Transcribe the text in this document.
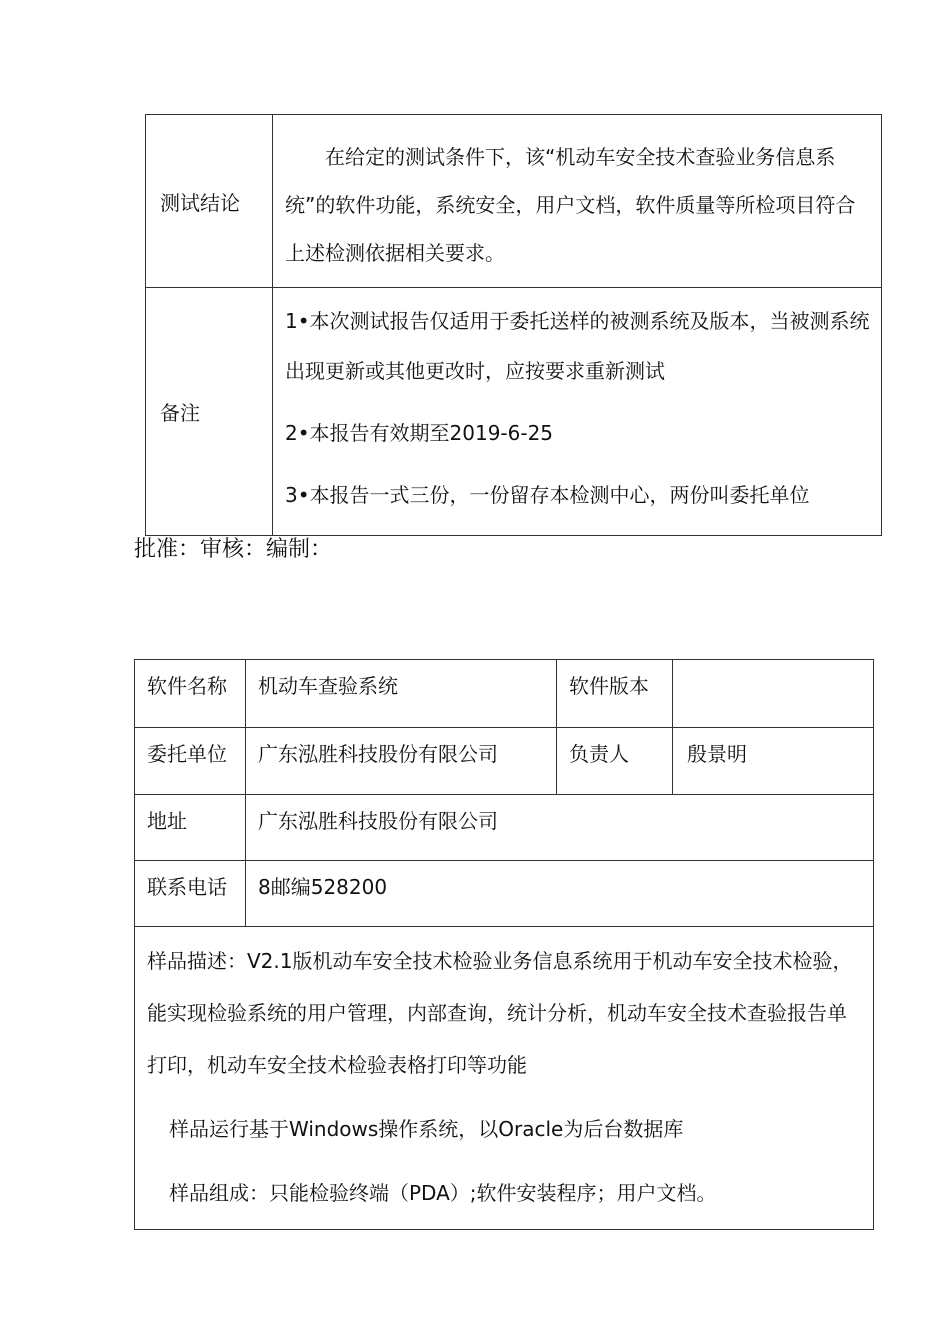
测试结论	在给定的测试条件下，该“机动车安全技术查验业务信息系统”的软件功能，系统安全，用户文档，软件质量等所检项目符合上述检测依据相关要求。

备注	1•本次测试报告仅适用于委托送样的被测系统及版本，当被测系统出现更新或其他更改时，应按要求重新测试

2•本报告有效期至2019-6-25

3•本报告一式三份，一份留存本检测中心，两份叫委托单位

批准：审核：编制：

软件名称	机动车查验系统	软件版本	
委托单位	广东泓胜科技股份有限公司	负责人	殷景明
地址	广东泓胜科技股份有限公司		
联系电话	8邮编528200		

样品描述：V2.1版机动车安全技术检验业务信息系统用于机动车安全技术检验，能实现检验系统的用户管理，内部查询，统计分析，机动车安全技术查验报告单打印，机动车安全技术检验表格打印等功能

样品运行基于Windows操作系统，以Oracle为后台数据库

样品组成：只能检验终端（PDA）;软件安装程序；用户文档。			
